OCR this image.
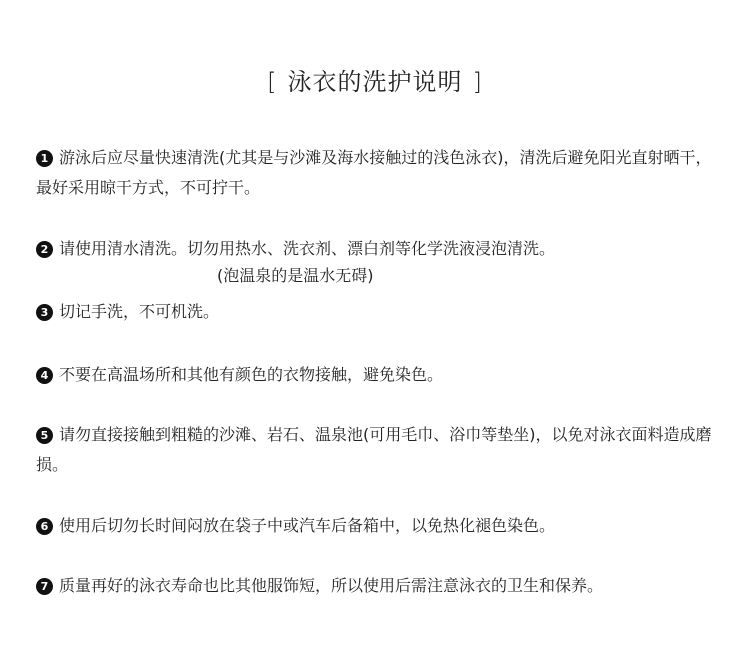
[ 泳衣的洗护说明 ]
1 游泳后应尽量快速清洗(尤其是与沙滩及海水接触过的浅色泳衣)，清洗后避免阳光直射晒干，最好采用晾干方式，不可拧干。
2 请使用清水清洗。切勿用热水、洗衣剂、漂白剂等化学洗液浸泡清洗。
(泡温泉的是温水无碍)
3 切记手洗，不可机洗。
4 不要在高温场所和其他有颜色的衣物接触，避免染色。
5 请勿直接接触到粗糙的沙滩、岩石、温泉池(可用毛巾、浴巾等垫坐)，以免对泳衣面料造成磨损。
6 使用后切勿长时间闷放在袋子中或汽车后备箱中，以免热化褪色染色。
7 质量再好的泳衣寿命也比其他服饰短，所以使用后需注意泳衣的卫生和保养。
